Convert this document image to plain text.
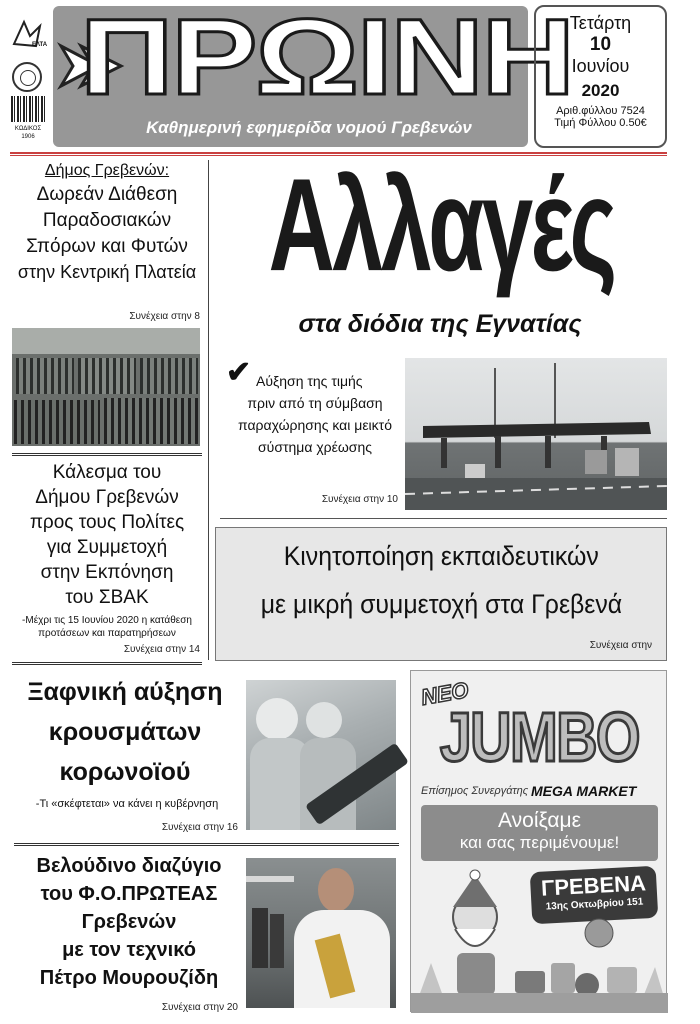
ΕΛΤΑ
ΚΩΔΙΚΟΣ
1906
ΠΡΩΙΝΗ
Καθημερινή εφημερίδα νομού Γρεβενών
Τετάρτη
10
Ιουνίου
2020
Αριθ.φύλλου 7524
Τιμή Φύλλου 0.50€
Δήμος Γρεβενών:
Δωρεάν Διάθεση
Παραδοσιακών
Σπόρων και Φυτών
στην Κεντρική Πλατεία
Συνέχεια στην 8
Κάλεσμα του
Δήμου Γρεβενών
προς τους Πολίτες
για Συμμετοχή
στην Εκπόνηση
του ΣΒΑΚ
-Μέχρι τις 15 Ιουνίου 2020 η κατάθεση
προτάσεων και παρατηρήσεων
Συνέχεια στην 14
Αλλαγές
στα διόδια της Εγνατίας
✔ Αύξηση της τιμής
πριν από τη σύμβαση
παραχώρησης και μεικτό
σύστημα χρέωσης
Συνέχεια στην 10
Κινητοποίηση εκπαιδευτικών
με μικρή συμμετοχή στα Γρεβενά
Συνέχεια στην
Ξαφνική αύξηση
κρουσμάτων
κορωνοϊού
-Τι «σκέφτεται» να κάνει η κυβέρνηση
Συνέχεια στην 16
Βελούδινο διαζύγιο
του Φ.Ο.ΠΡΩΤΕΑΣ
Γρεβενών
με τον τεχνικό
Πέτρο Μουρουζίδη
Συνέχεια στην 20
ΝΕΟ
JUMBO
Επίσημος Συνεργάτης MEGA MARKET
Ανοίξαμε
και σας περιμένουμε!
ΓΡΕΒΕΝΑ
13ης Οκτωβρίου 151
